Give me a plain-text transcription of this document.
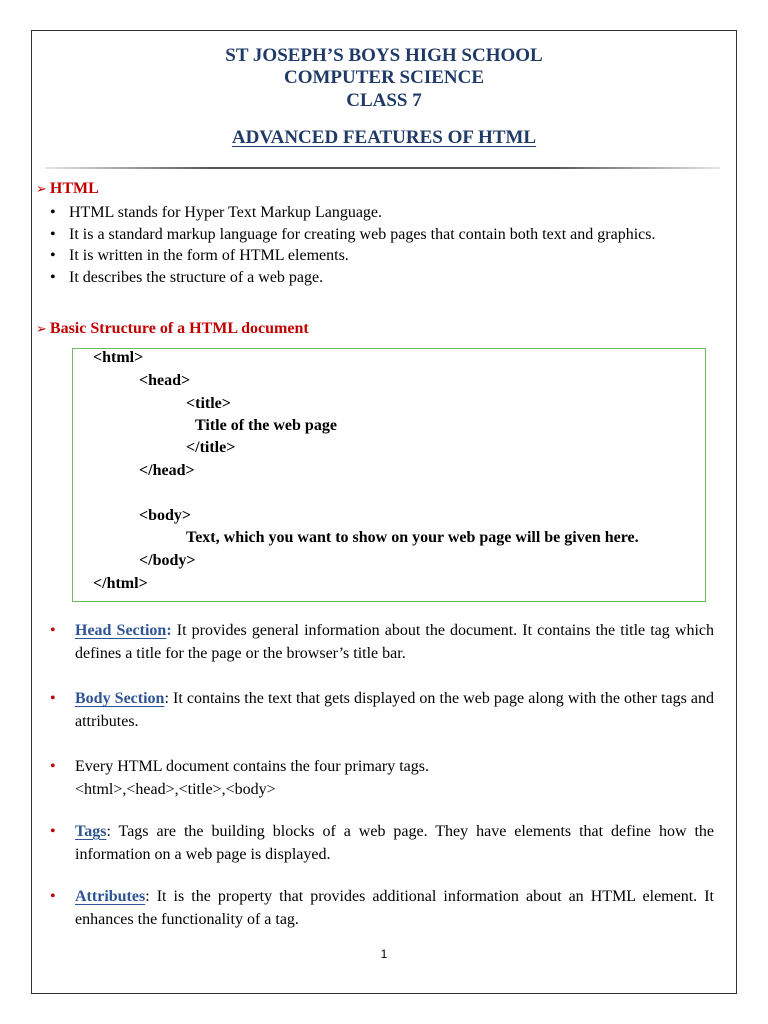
ST JOSEPH’S BOYS HIGH SCHOOL
COMPUTER SCIENCE
CLASS 7
ADVANCED FEATURES OF HTML
➢ HTML
• HTML stands for Hyper Text Markup Language.
• It is a standard markup language for creating web pages that contain both text and graphics.
• It is written in the form of HTML elements.
• It describes the structure of a web page.
➢ Basic Structure of a HTML document
<html>
<head>
<title>
Title of the web page
</title>
</head>
<body>
Text, which you want to show on your web page will be given here.
</body>
</html>
• Head Section: It provides general information about the document. It contains the title tag which defines a title for the page or the browser’s title bar.
• Body Section: It contains the text that gets displayed on the web page along with the other tags and attributes.
• Every HTML document contains the four primary tags.
<html>,<head>,<title>,<body>
• Tags: Tags are the building blocks of a web page. They have elements that define how the information on a web page is displayed.
• Attributes: It is the property that provides additional information about an HTML element. It enhances the functionality of a tag.
1
